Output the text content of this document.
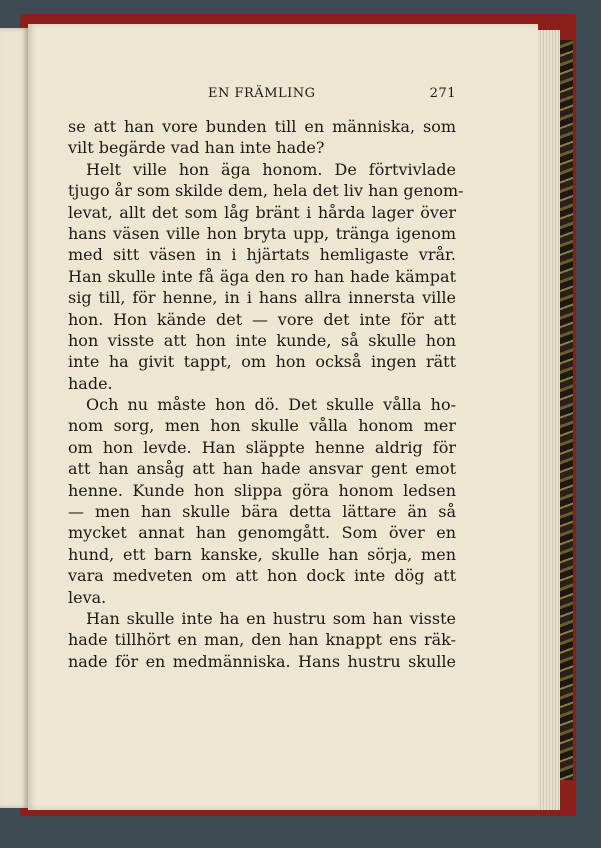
EN FRÄMLING	271
se att han vore bunden till en människa, som
vilt begärde vad han inte hade?
Helt ville hon äga honom. De förtvivlade
tjugo år som skilde dem, hela det liv han genom-
levat, allt det som låg bränt i hårda lager över
hans väsen ville hon bryta upp, tränga igenom
med sitt väsen in i hjärtats hemligaste vrår.
Han skulle inte få äga den ro han hade kämpat
sig till, för henne, in i hans allra innersta ville
hon. Hon kände det — vore det inte för att
hon visste att hon inte kunde, så skulle hon
inte ha givit tappt, om hon också ingen rätt
hade.
Och nu måste hon dö. Det skulle vålla ho-
nom sorg, men hon skulle vålla honom mer
om hon levde. Han släppte henne aldrig för
att han ansåg att han hade ansvar gent emot
henne. Kunde hon slippa göra honom ledsen
— men han skulle bära detta lättare än så
mycket annat han genomgått. Som över en
hund, ett barn kanske, skulle han sörja, men
vara medveten om att hon dock inte dög att
leva.
Han skulle inte ha en hustru som han visste
hade tillhört en man, den han knappt ens räk-
nade för en medmänniska. Hans hustru skulle
